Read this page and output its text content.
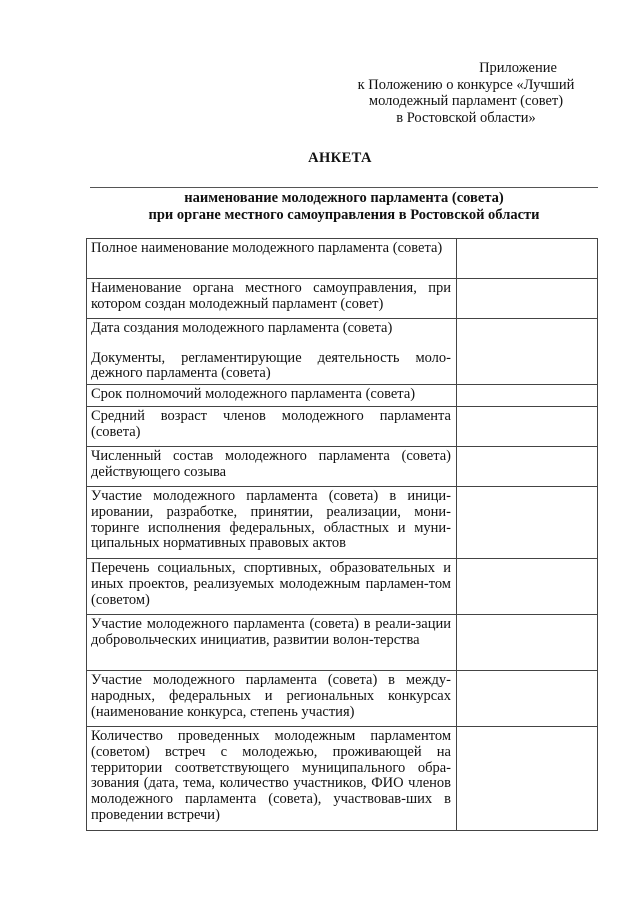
Приложение
к Положению о конкурсе «Лучший
молодежный парламент (совет)
в Ростовской области»
АНКЕТА
наименование молодежного парламента (совета)
при органе местного самоуправления в Ростовской области
Полное наименование молодежного парламента (совета)	
Наименование органа местного самоуправления, при котором создан молодежный парламент (совет)	
Дата создания молодежного парламента (совета)	
Документы, регламентирующие деятельность моло-дежного парламента (совета)	
Срок полномочий молодежного парламента (совета)	
Средний возраст членов молодежного парламента (совета)	
Численный состав молодежного парламента (совета) действующего созыва	
Участие молодежного парламента (совета) в иници-ировании, разработке, принятии, реализации, мони-торинге исполнения федеральных, областных и муни-ципальных нормативных правовых актов	
Перечень социальных, спортивных, образовательных и иных проектов, реализуемых молодежным парламен-том (советом)	
Участие молодежного парламента (совета) в реали-зации добровольческих инициатив, развитии волон-терства	
Участие молодежного парламента (совета) в между-народных, федеральных и региональных конкурсах (наименование конкурса, степень участия)	
Количество проведенных молодежным парламентом (советом) встреч с молодежью, проживающей на территории соответствующего муниципального обра-зования (дата, тема, количество участников, ФИО членов молодежного парламента (совета), участвовав-ших в проведении встречи)	
